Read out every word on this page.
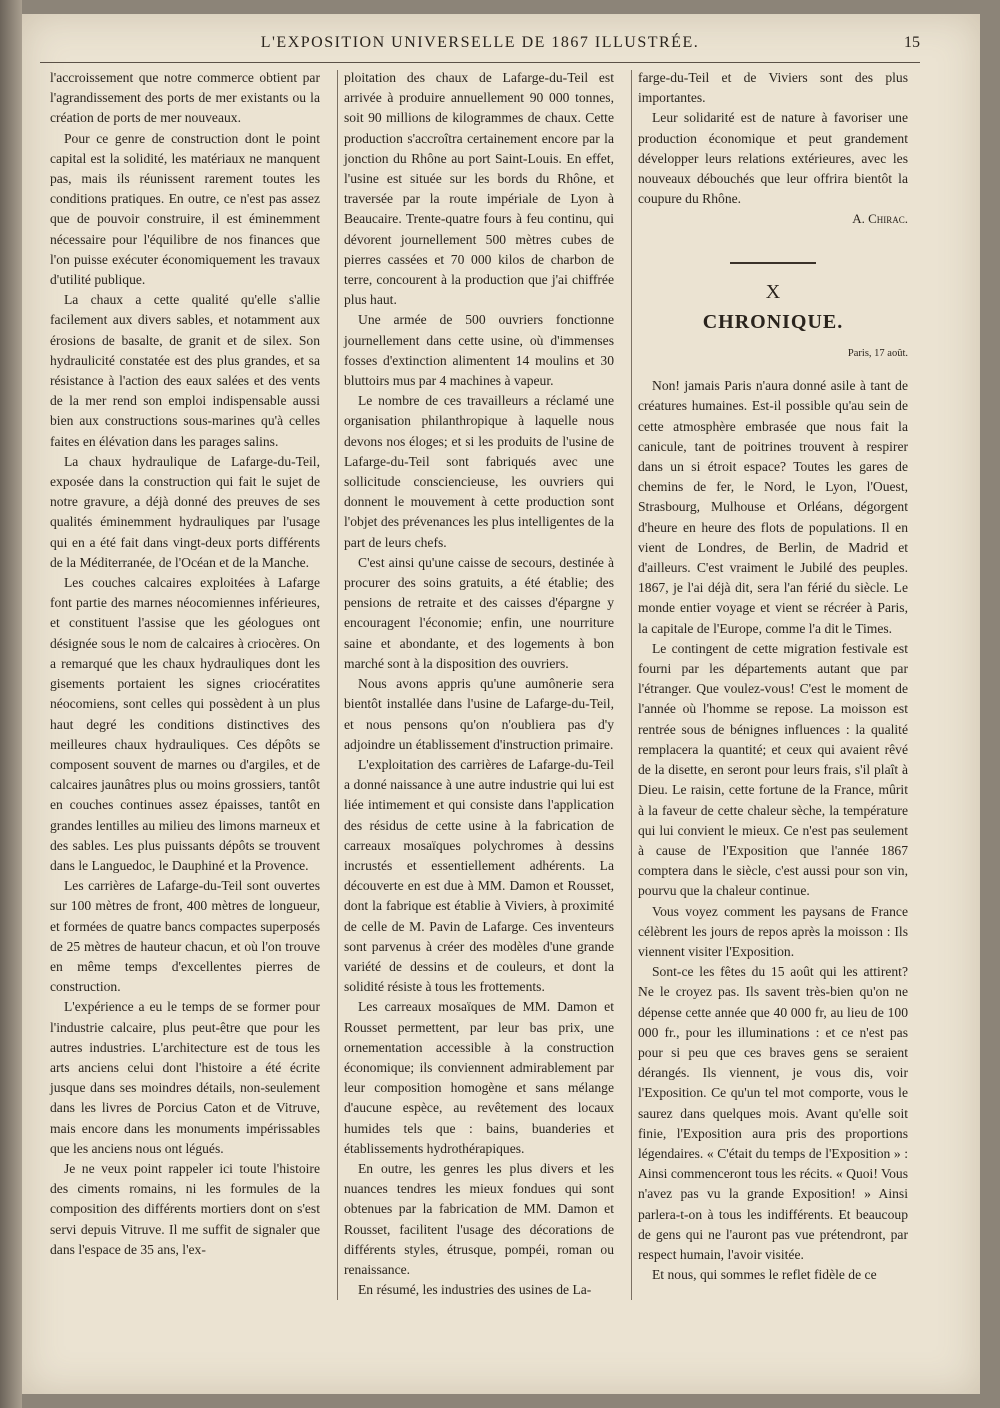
L'EXPOSITION UNIVERSELLE DE 1867 ILLUSTRÉE.	15

l'accroissement que notre commerce obtient par l'agrandissement des ports de mer existants ou la création de ports de mer nouveaux.

Pour ce genre de construction dont le point capital est la solidité, les matériaux ne manquent pas, mais ils réunissent rarement toutes les conditions pratiques. En outre, ce n'est pas assez que de pouvoir construire, il est éminemment nécessaire pour l'équilibre de nos finances que l'on puisse exécuter économiquement les travaux d'utilité publique.

La chaux a cette qualité qu'elle s'allie facilement aux divers sables, et notamment aux érosions de basalte, de granit et de silex. Son hydraulicité constatée est des plus grandes, et sa résistance à l'action des eaux salées et des vents de la mer rend son emploi indispensable aussi bien aux constructions sous-marines qu'à celles faites en élévation dans les parages salins.

La chaux hydraulique de Lafarge-du-Teil, exposée dans la construction qui fait le sujet de notre gravure, a déjà donné des preuves de ses qualités éminemment hydrauliques par l'usage qui en a été fait dans vingt-deux ports différents de la Méditerranée, de l'Océan et de la Manche.

Les couches calcaires exploitées à Lafarge font partie des marnes néocomiennes inférieures, et constituent l'assise que les géologues ont désignée sous le nom de calcaires à criocères. On a remarqué que les chaux hydrauliques dont les gisements portaient les signes criocératites néocomiens, sont celles qui possèdent à un plus haut degré les conditions distinctives des meilleures chaux hydrauliques. Ces dépôts se composent souvent de marnes ou d'argiles, et de calcaires jaunâtres plus ou moins grossiers, tantôt en couches continues assez épaisses, tantôt en grandes lentilles au milieu des limons marneux et des sables. Les plus puissants dépôts se trouvent dans le Languedoc, le Dauphiné et la Provence.

Les carrières de Lafarge-du-Teil sont ouvertes sur 100 mètres de front, 400 mètres de longueur, et formées de quatre bancs compactes superposés de 25 mètres de hauteur chacun, et où l'on trouve en même temps d'excellentes pierres de construction.

L'expérience a eu le temps de se former pour l'industrie calcaire, plus peut-être que pour les autres industries. L'architecture est de tous les arts anciens celui dont l'histoire a été écrite jusque dans ses moindres détails, non-seulement dans les livres de Porcius Caton et de Vitruve, mais encore dans les monuments impérissables que les anciens nous ont légués.

Je ne veux point rappeler ici toute l'histoire des ciments romains, ni les formules de la composition des différents mortiers dont on s'est servi depuis Vitruve. Il me suffit de signaler que dans l'espace de 35 ans, l'ex-

ploitation des chaux de Lafarge-du-Teil est arrivée à produire annuellement 90 000 tonnes, soit 90 millions de kilogrammes de chaux. Cette production s'accroîtra certainement encore par la jonction du Rhône au port Saint-Louis. En effet, l'usine est située sur les bords du Rhône, et traversée par la route impériale de Lyon à Beaucaire. Trente-quatre fours à feu continu, qui dévorent journellement 500 mètres cubes de pierres cassées et 70 000 kilos de charbon de terre, concourent à la production que j'ai chiffrée plus haut.

Une armée de 500 ouvriers fonctionne journellement dans cette usine, où d'immenses fosses d'extinction alimentent 14 moulins et 30 bluttoirs mus par 4 machines à vapeur.

Le nombre de ces travailleurs a réclamé une organisation philanthropique à laquelle nous devons nos éloges; et si les produits de l'usine de Lafarge-du-Teil sont fabriqués avec une sollicitude consciencieuse, les ouvriers qui donnent le mouvement à cette production sont l'objet des prévenances les plus intelligentes de la part de leurs chefs.

C'est ainsi qu'une caisse de secours, destinée à procurer des soins gratuits, a été établie; des pensions de retraite et des caisses d'épargne y encouragent l'économie; enfin, une nourriture saine et abondante, et des logements à bon marché sont à la disposition des ouvriers.

Nous avons appris qu'une aumônerie sera bientôt installée dans l'usine de Lafarge-du-Teil, et nous pensons qu'on n'oubliera pas d'y adjoindre un établissement d'instruction primaire.

L'exploitation des carrières de Lafarge-du-Teil a donné naissance à une autre industrie qui lui est liée intimement et qui consiste dans l'application des résidus de cette usine à la fabrication de carreaux mosaïques polychromes à dessins incrustés et essentiellement adhérents. La découverte en est due à MM. Damon et Rousset, dont la fabrique est établie à Viviers, à proximité de celle de M. Pavin de Lafarge. Ces inventeurs sont parvenus à créer des modèles d'une grande variété de dessins et de couleurs, et dont la solidité résiste à tous les frottements.

Les carreaux mosaïques de MM. Damon et Rousset permettent, par leur bas prix, une ornementation accessible à la construction économique; ils conviennent admirablement par leur composition homogène et sans mélange d'aucune espèce, au revêtement des locaux humides tels que : bains, buanderies et établissements hydrothérapiques.

En outre, les genres les plus divers et les nuances tendres les mieux fondues qui sont obtenues par la fabrication de MM. Damon et Rousset, facilitent l'usage des décorations de différents styles, étrusque, pompéi, roman ou renaissance.

En résumé, les industries des usines de La-

farge-du-Teil et de Viviers sont des plus importantes.

Leur solidarité est de nature à favoriser une production économique et peut grandement développer leurs relations extérieures, avec les nouveaux débouchés que leur offrira bientôt la coupure du Rhône.

A. Chirac.

X
CHRONIQUE.
Paris, 17 août.

Non! jamais Paris n'aura donné asile à tant de créatures humaines. Est-il possible qu'au sein de cette atmosphère embrasée que nous fait la canicule, tant de poitrines trouvent à respirer dans un si étroit espace? Toutes les gares de chemins de fer, le Nord, le Lyon, l'Ouest, Strasbourg, Mulhouse et Orléans, dégorgent d'heure en heure des flots de populations. Il en vient de Londres, de Berlin, de Madrid et d'ailleurs. C'est vraiment le Jubilé des peuples. 1867, je l'ai déjà dit, sera l'an férié du siècle. Le monde entier voyage et vient se récréer à Paris, la capitale de l'Europe, comme l'a dit le Times.

Le contingent de cette migration festivale est fourni par les départements autant que par l'étranger. Que voulez-vous! C'est le moment de l'année où l'homme se repose. La moisson est rentrée sous de bénignes influences : la qualité remplacera la quantité; et ceux qui avaient rêvé de la disette, en seront pour leurs frais, s'il plaît à Dieu. Le raisin, cette fortune de la France, mûrit à la faveur de cette chaleur sèche, la température qui lui convient le mieux. Ce n'est pas seulement à cause de l'Exposition que l'année 1867 comptera dans le siècle, c'est aussi pour son vin, pourvu que la chaleur continue.

Vous voyez comment les paysans de France célèbrent les jours de repos après la moisson : Ils viennent visiter l'Exposition.

Sont-ce les fêtes du 15 août qui les attirent? Ne le croyez pas. Ils savent très-bien qu'on ne dépense cette année que 40 000 fr, au lieu de 100 000 fr., pour les illuminations : et ce n'est pas pour si peu que ces braves gens se seraient dérangés. Ils viennent, je vous dis, voir l'Exposition. Ce qu'un tel mot comporte, vous le saurez dans quelques mois. Avant qu'elle soit finie, l'Exposition aura pris des proportions légendaires. « C'était du temps de l'Exposition » : Ainsi commenceront tous les récits. « Quoi! Vous n'avez pas vu la grande Exposition! » Ainsi parlera-t-on à tous les indifférents. Et beaucoup de gens qui ne l'auront pas vue prétendront, par respect humain, l'avoir visitée.

Et nous, qui sommes le reflet fidèle de ce
